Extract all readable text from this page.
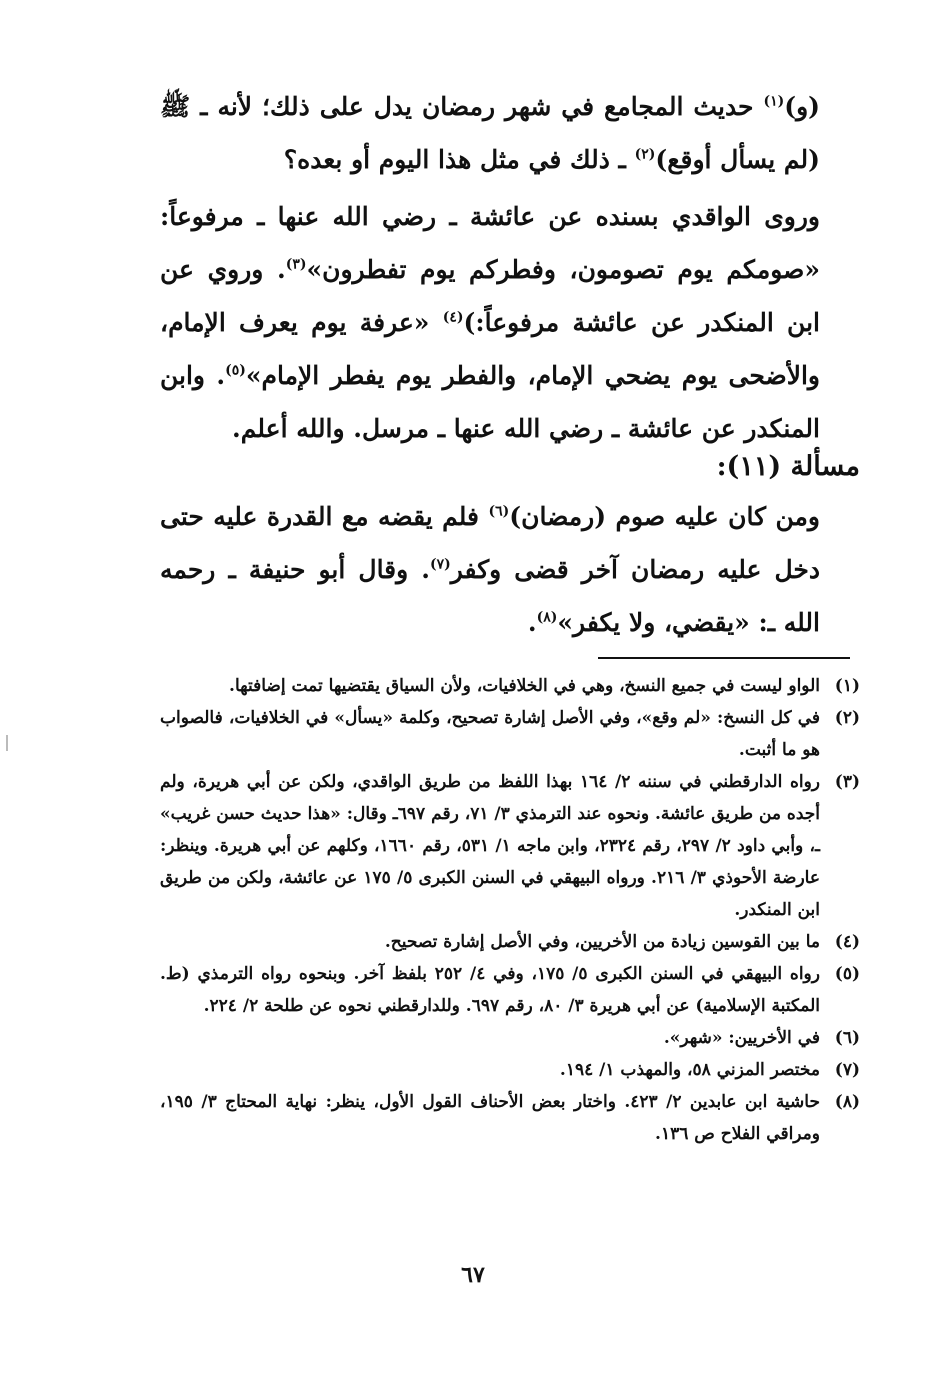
(و)$^{(١)}$ حديث المجامع في شهر رمضان يدل على ذلك؛ لأنه ـ ﷺ (لم يسأل أوقع)$^{(٢)}$ ـ ذلك في مثل هذا اليوم أو بعده؟

وروى الواقدي بسنده عن عائشة ـ رضي الله عنها ـ مرفوعاً: «صومكم يوم تصومون، وفطركم يوم تفطرون»$^{(٣)}$. وروي عن ابن المنكدر عن عائشة مرفوعاً:)$^{(٤)}$ «عرفة يوم يعرف الإمام، والأضحى يوم يضحي الإمام، والفطر يوم يفطر الإمام»$^{(٥)}$. وابن المنكدر عن عائشة ـ رضي الله عنها ـ مرسل. والله أعلم.

مسألة (١١):

ومن كان عليه صوم (رمضان)$^{(٦)}$ فلم يقضه مع القدرة عليه حتى دخل عليه رمضان آخر قضى وكفر$^{(٧)}$. وقال أبو حنيفة ـ رحمه الله ـ: «يقضي، ولا يكفر»$^{(٨)}$.

(١)
الواو ليست في جميع النسخ، وهي في الخلافيات، ولأن السياق يقتضيها تمت إضافتها.
(٢)
في كل النسخ: «لم وقع»، وفي الأصل إشارة تصحيح، وكلمة «يسأل» في الخلافيات، فالصواب هو ما أثبت.
(٣)
رواه الدارقطني في سننه ٢/ ١٦٤ بهذا اللفظ من طريق الواقدي، ولكن عن أبي هريرة، ولم أجده من طريق عائشة. ونحوه عند الترمذي ٣/ ٧١، رقم ٦٩٧ـ وقال: «هذا حديث حسن غريب» ـ، وأبي داود ٢/ ٢٩٧، رقم ٢٣٢٤، وابن ماجه ١/ ٥٣١، رقم ١٦٦٠، وكلهم عن أبي هريرة. وينظر: عارضة الأحوذي ٣/ ٢١٦. ورواه البيهقي في السنن الكبرى ٥/ ١٧٥ عن عائشة، ولكن من طريق ابن المنكدر.
(٤)
ما بين القوسين زيادة من الأخريين، وفي الأصل إشارة تصحيح.
(٥)
رواه البيهقي في السنن الكبرى ٥/ ١٧٥، وفي ٤/ ٢٥٢ بلفظ آخر. وبنحوه رواه الترمذي (ط. المكتبة الإسلامية) عن أبي هريرة ٣/ ٨٠، رقم ٦٩٧. وللدارقطني نحوه عن طلحة ٢/ ٢٢٤.
(٦)
في الأخريين: «شهر».
(٧)
مختصر المزني ٥٨، والمهذب ١/ ١٩٤.
(٨)
حاشية ابن عابدين ٢/ ٤٢٣. واختار بعض الأحناف القول الأول، ينظر: نهاية المحتاج ٣/ ١٩٥، ومراقي الفلاح ص ١٣٦.
٦٧
